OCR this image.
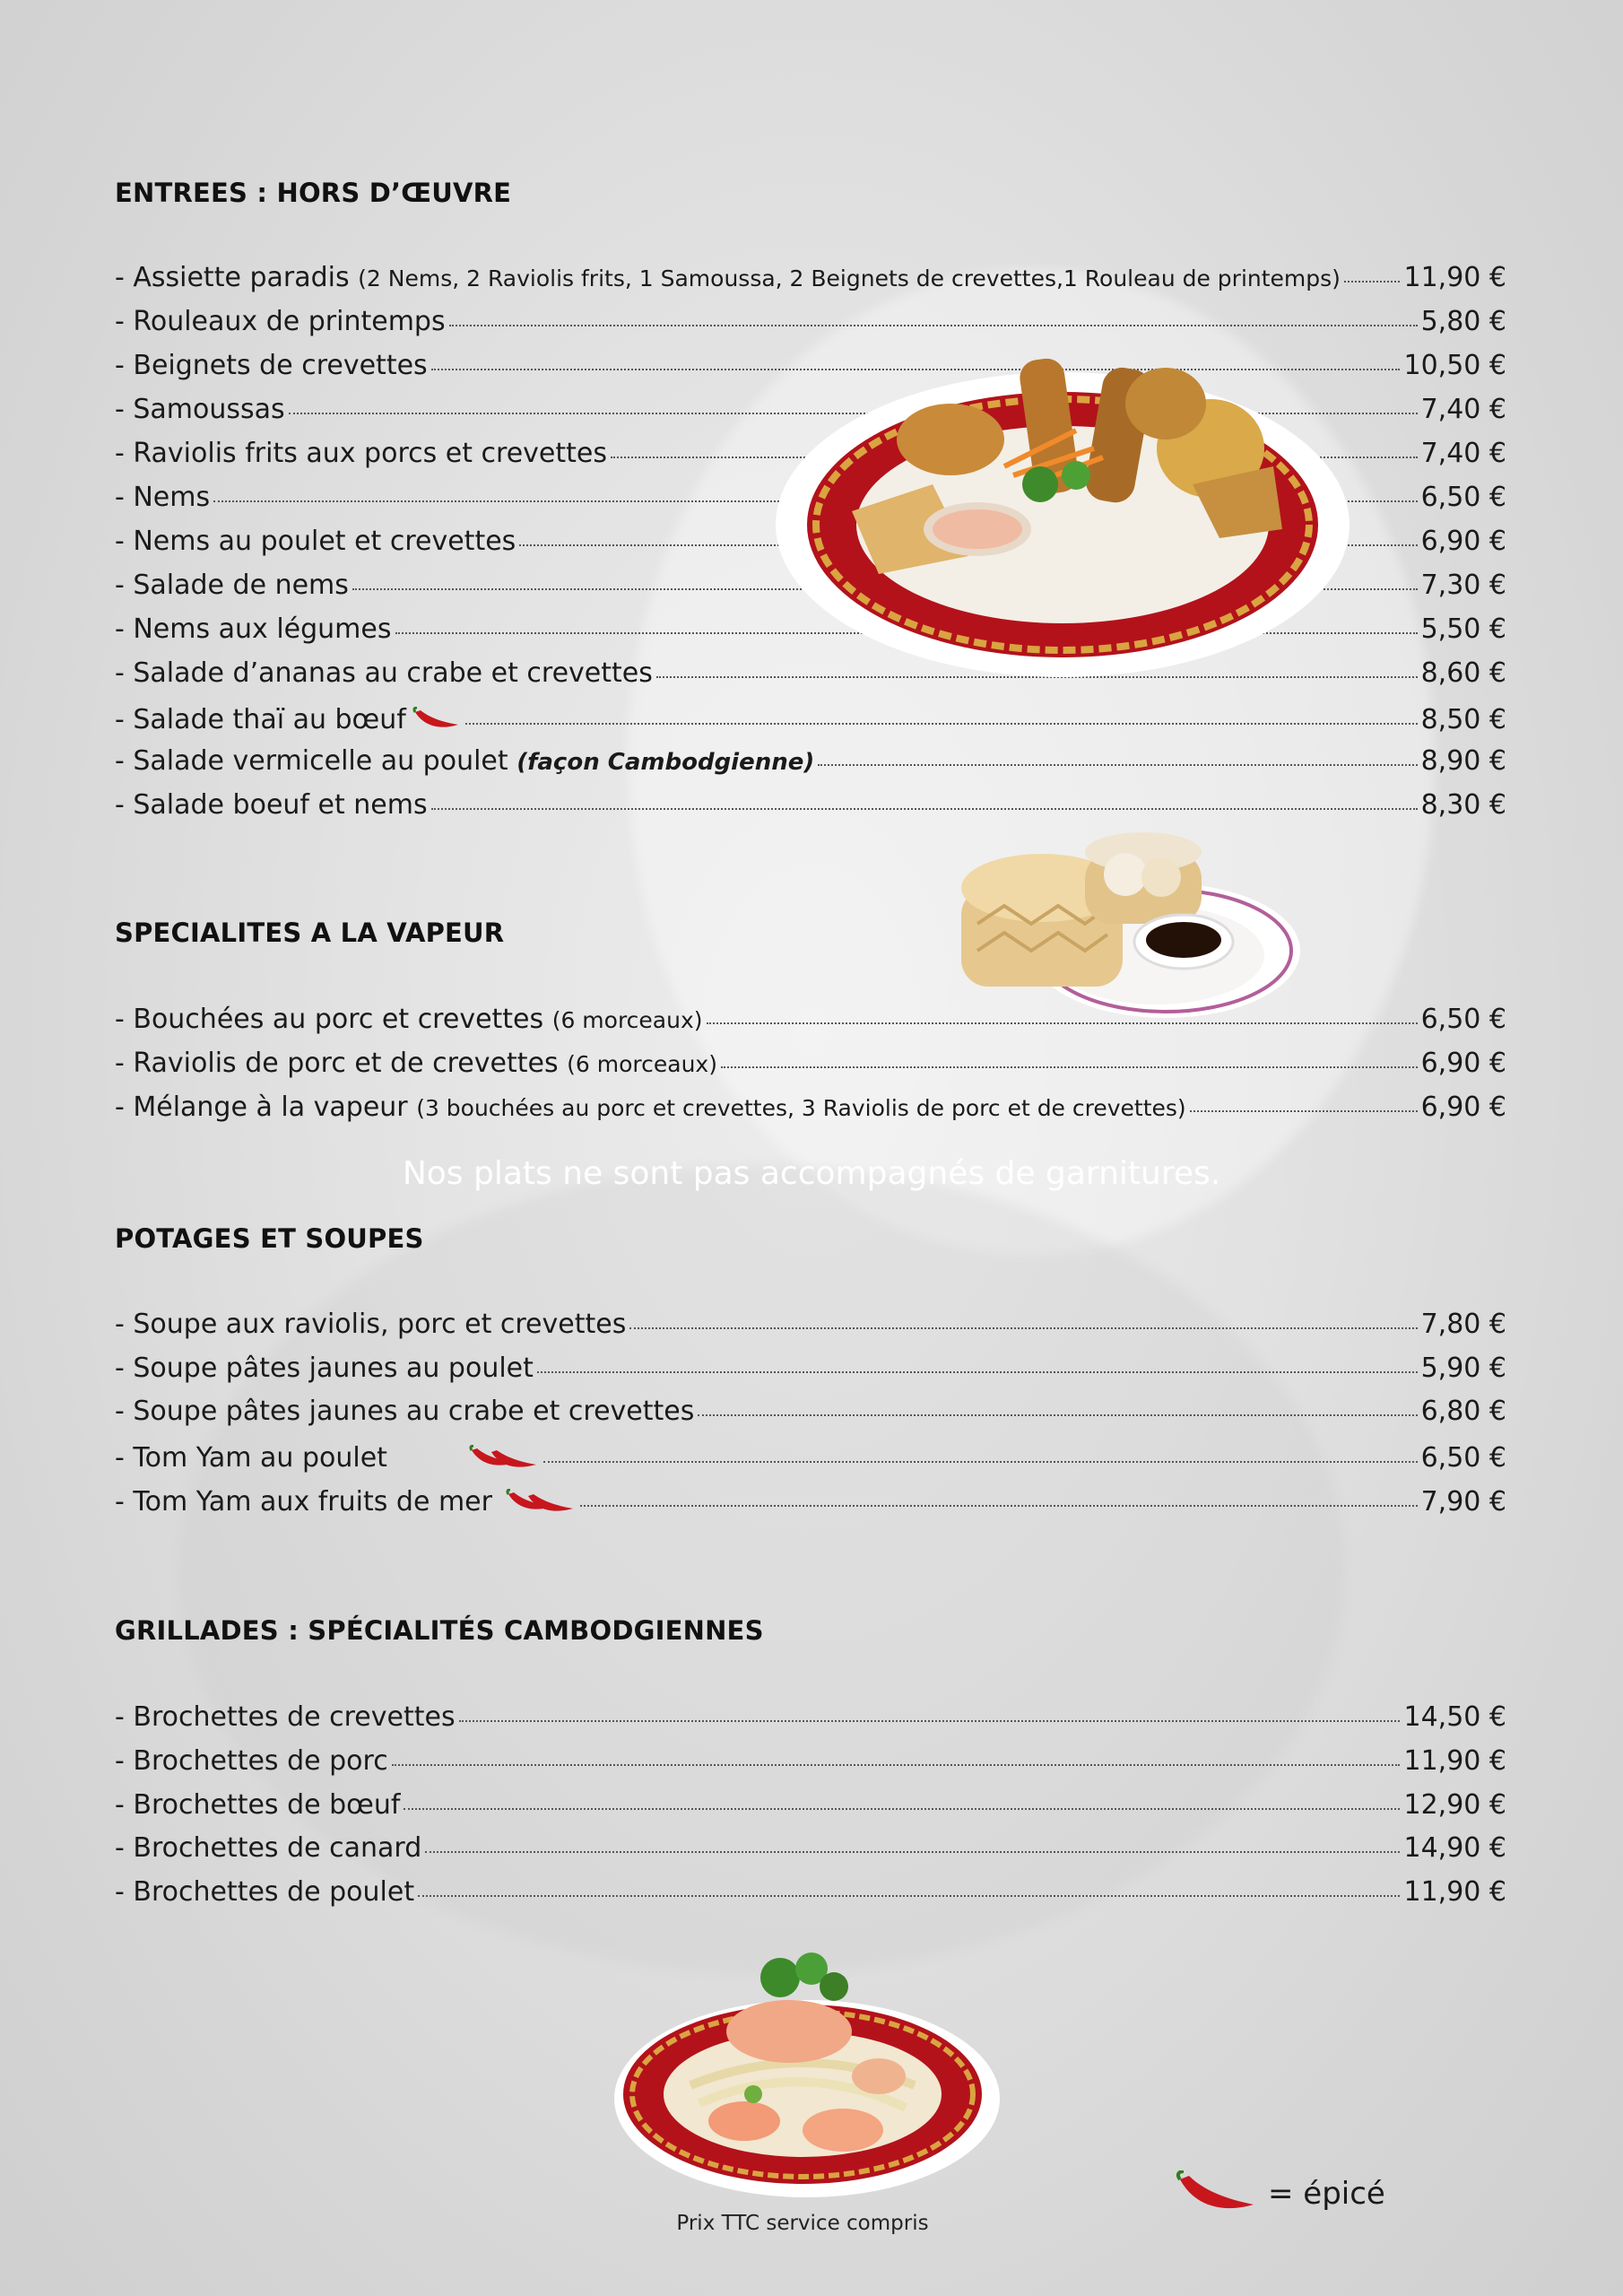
ENTREES : HORS D’ŒUVRE
- Assiette paradis (2 Nems, 2 Raviolis frits, 1 Samoussa, 2 Beignets de crevettes,1 Rouleau de printemps) 11,90 €
- Rouleaux de printemps	5,80 €
- Beignets de crevettes	10,50 €
- Samoussas	7,40 €
- Raviolis frits aux porcs et crevettes	7,40 €
- Nems	6,50 €
- Nems au poulet et crevettes	6,90 €
- Salade de nems	7,30 €
- Nems aux légumes	5,50 €
- Salade d’ananas au crabe et crevettes	8,60 €
- Salade thaï au bœuf	8,50 €
- Salade vermicelle au poulet (façon Cambodgienne)	8,90 €
- Salade boeuf et nems	8,30 €
SPECIALITES A LA VAPEUR
- Bouchées au porc et crevettes (6 morceaux)	6,50 €
- Raviolis de porc et de crevettes (6 morceaux)	6,90 €
- Mélange à la vapeur (3 bouchées au porc et crevettes, 3 Raviolis de porc et de crevettes)	6,90 €
Nos plats ne sont pas accompagnés de garnitures.
POTAGES ET SOUPES
- Soupe aux raviolis, porc et crevettes	7,80 €
- Soupe pâtes jaunes au poulet	5,90 €
- Soupe pâtes jaunes au crabe et crevettes	6,80 €
- Tom Yam au poulet	6,50 €
- Tom Yam aux fruits de mer	7,90 €
GRILLADES : SPÉCIALITÉS CAMBODGIENNES
- Brochettes de crevettes	14,50 €
- Brochettes de porc	11,90 €
- Brochettes de bœuf	12,90 €
- Brochettes de canard	14,90 €
- Brochettes de poulet	11,90 €
Prix TTC service compris
= épicé
